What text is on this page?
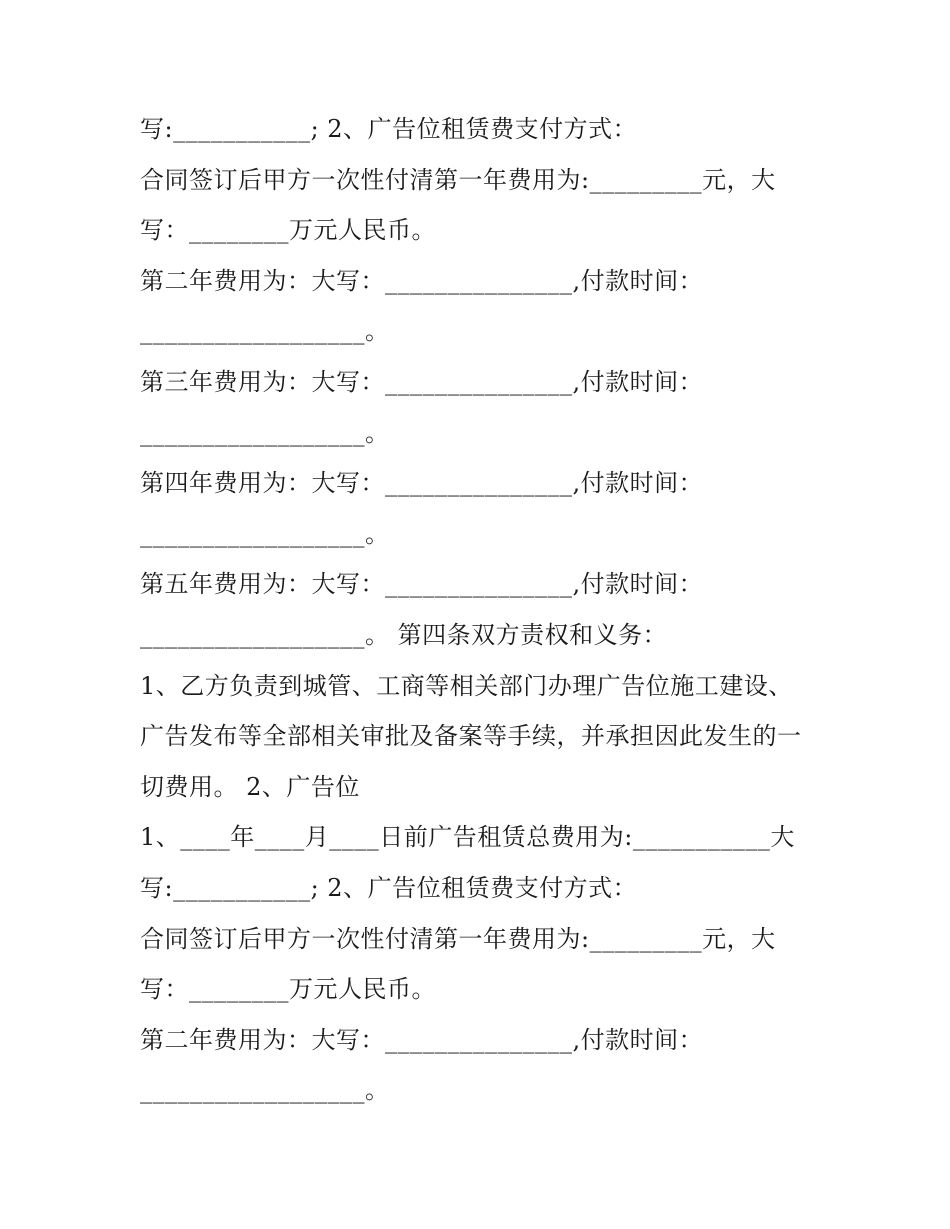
写:___________; 2、广告位租赁费支付方式：
合同签订后甲方一次性付清第一年费用为:_________元，大
写：________万元人民币。
第二年费用为：大写：_______________,付款时间：
__________________。
第三年费用为：大写：_______________,付款时间：
__________________。
第四年费用为：大写：_______________,付款时间：
__________________。
第五年费用为：大写：_______________,付款时间：
__________________。 第四条双方责权和义务：
1、乙方负责到城管、工商等相关部门办理广告位施工建设、
广告发布等全部相关审批及备案等手续，并承担因此发生的一
切费用。 2、广告位
1、____年____月____日前广告租赁总费用为:___________大
写:___________; 2、广告位租赁费支付方式：
合同签订后甲方一次性付清第一年费用为:_________元，大
写：________万元人民币。
第二年费用为：大写：_______________,付款时间：
__________________。
